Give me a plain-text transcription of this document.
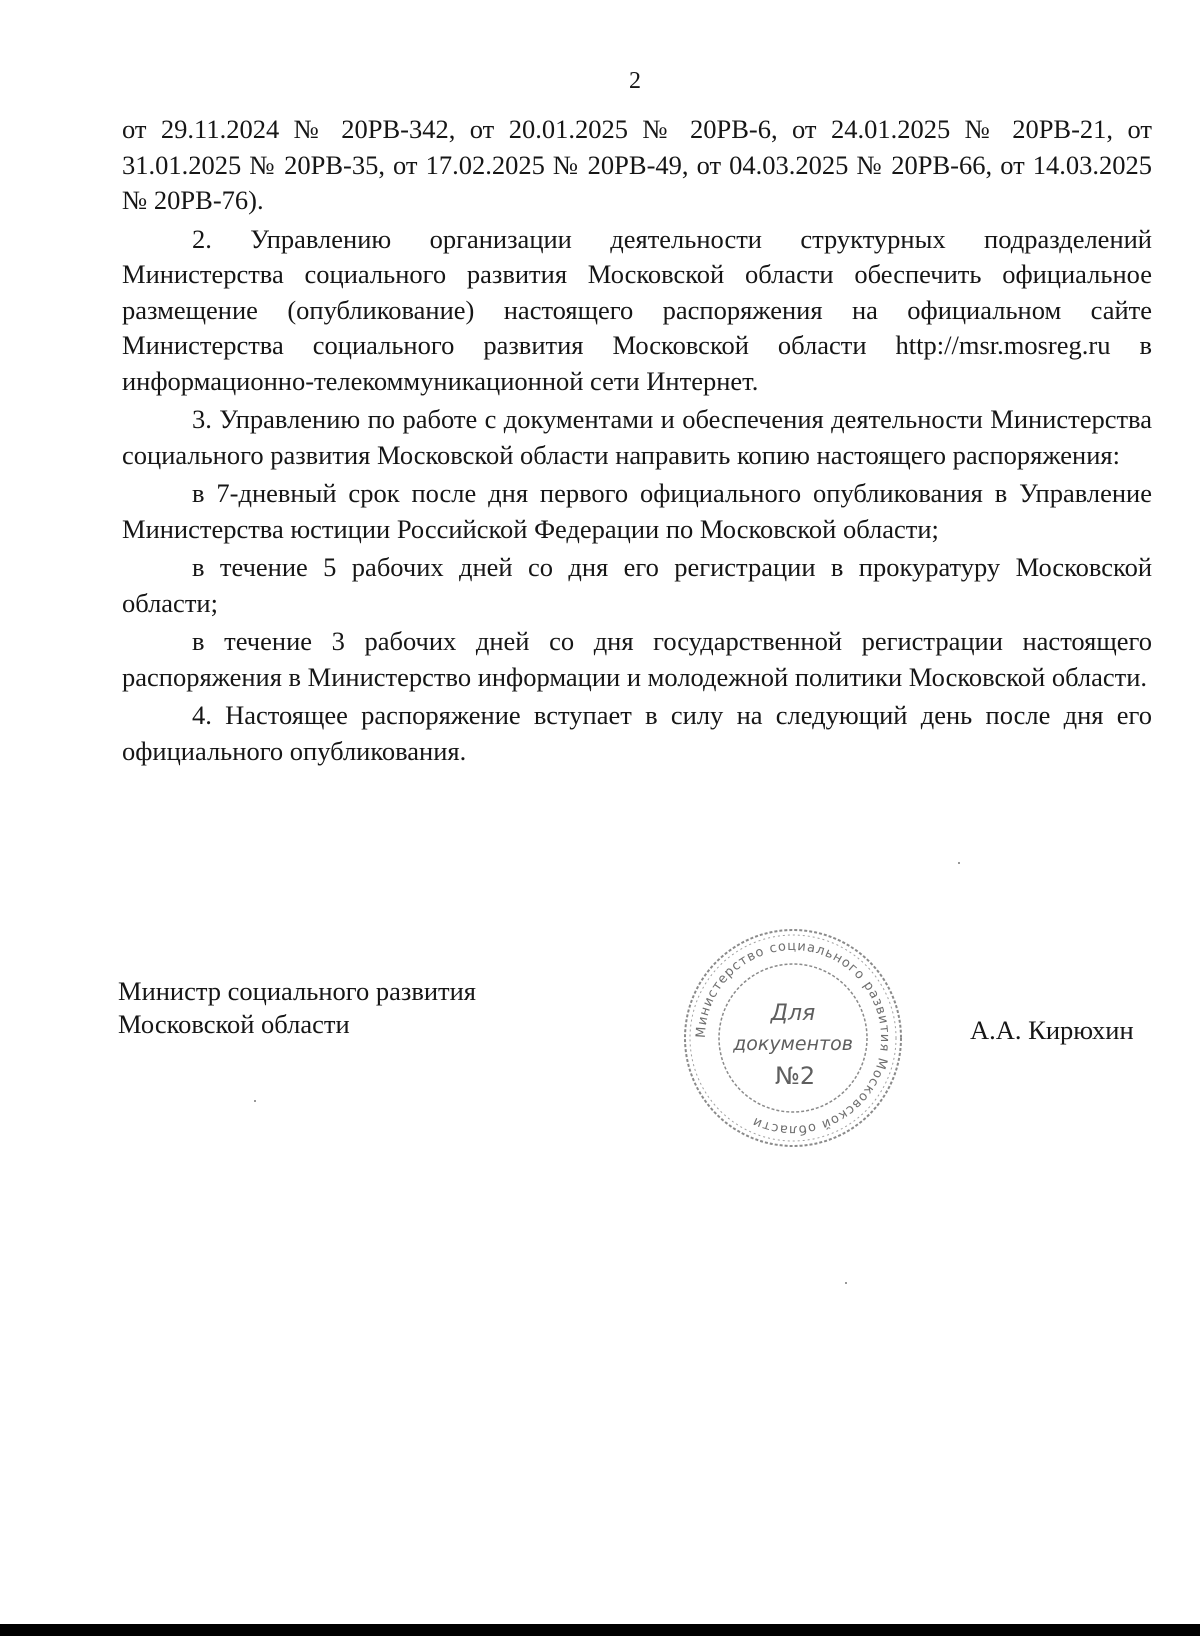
2

от 29.11.2024 № 20РВ-342, от 20.01.2025 № 20РВ-6, от 24.01.2025 № 20РВ-21, от 31.01.2025 № 20РВ-35, от 17.02.2025 № 20РВ-49, от 04.03.2025 № 20РВ-66, от 14.03.2025 № 20РВ-76).

2. Управлению организации деятельности структурных подразделений Министерства социального развития Московской области обеспечить официальное размещение (опубликование) настоящего распоряжения на официальном сайте Министерства социального развития Московской области http://msr.mosreg.ru в информационно-телекоммуникационной сети Интернет.

3. Управлению по работе с документами и обеспечения деятельности Министерства социального развития Московской области направить копию настоящего распоряжения:

в 7-дневный срок после дня первого официального опубликования в Управление Министерства юстиции Российской Федерации по Московской области;

в течение 5 рабочих дней со дня его регистрации в прокуратуру Московской области;

в течение 3 рабочих дней со дня государственной регистрации настоящего распоряжения в Министерство информации и молодежной политики Московской области.

4. Настоящее распоряжение вступает в силу на следующий день после дня его официального опубликования.

Министр социального развития
Московской области	Министерство социального развития Московской области
Для
документов
№2
А.А. Кирюхин
